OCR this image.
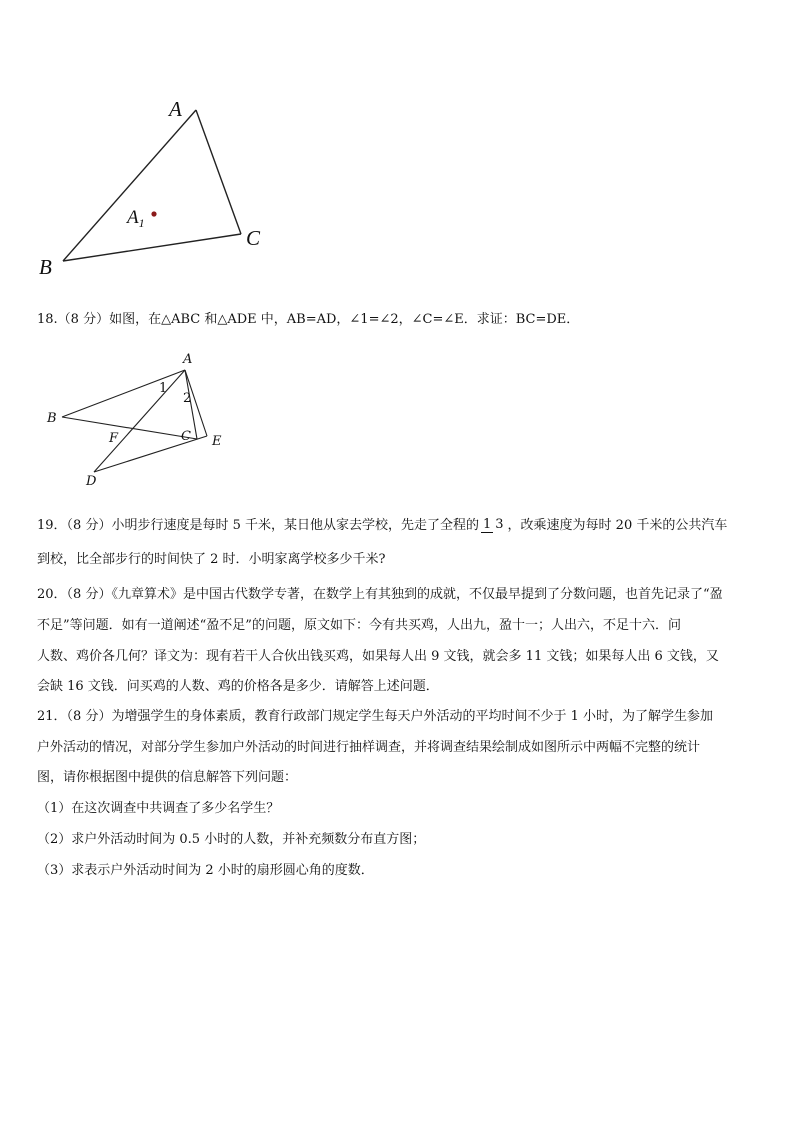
A
B
C
$A_1$

18.（8 分）如图，在△ABC 和△ADE 中，AB=AD，∠1=∠2，∠C=∠E．求证：BC=DE．

A
B
C
D
E
F
1
2
19．（8 分）小明步行速度是每时 5 千米，某日他从家去学校，先走了全程的 1 3 ，改乘速度为每时 20 千米的公共汽车

到校，比全部步行的时间快了 2 时．小明家离学校多少千米?

20．（8 分）《九章算术》是中国古代数学专著，在数学上有其独到的成就，不仅最早提到了分数问题，也首先记录了“盈

不足”等问题．如有一道阐述“盈不足”的问题，原文如下：今有共买鸡，人出九，盈十一；人出六，不足十六．问

人数、鸡价各几何？译文为：现有若干人合伙出钱买鸡，如果每人出 9 文钱，就会多 11 文钱；如果每人出 6 文钱，又

会缺 16 文钱．问买鸡的人数、鸡的价格各是多少．请解答上述问题．

21．（8 分）为增强学生的身体素质，教育行政部门规定学生每天户外活动的平均时间不少于 1 小时，为了解学生参加

户外活动的情况，对部分学生参加户外活动的时间进行抽样调查，并将调查结果绘制成如图所示中两幅不完整的统计

图，请你根据图中提供的信息解答下列问题：

（1）在这次调查中共调查了多少名学生？

（2）求户外活动时间为 0.5 小时的人数，并补充频数分布直方图；

（3）求表示户外活动时间为 2 小时的扇形圆心角的度数．
